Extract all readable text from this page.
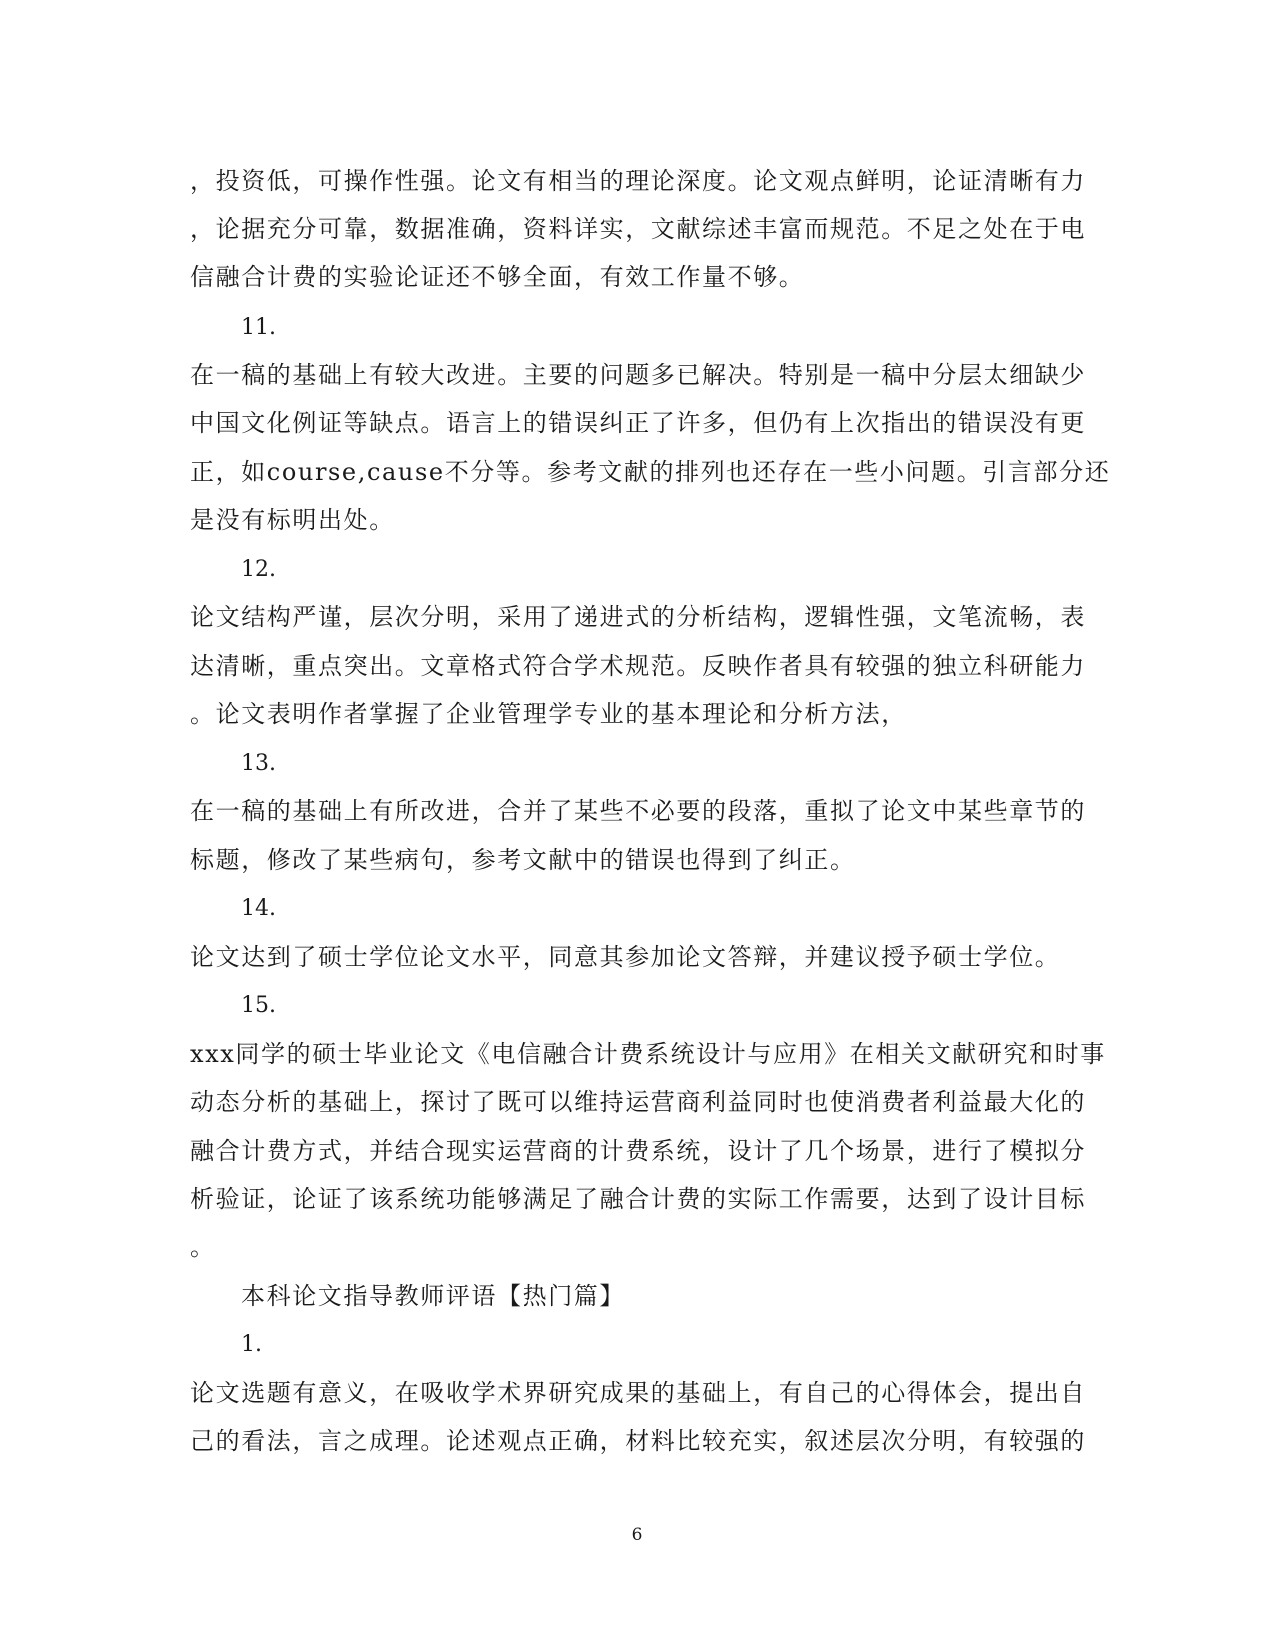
，投资低，可操作性强。论文有相当的理论深度。论文观点鲜明，论证清晰有力
，论据充分可靠，数据准确，资料详实，文献综述丰富而规范。不足之处在于电
信融合计费的实验论证还不够全面，有效工作量不够。
11.
在一稿的基础上有较大改进。主要的问题多已解决。特别是一稿中分层太细缺少
中国文化例证等缺点。语言上的错误纠正了许多，但仍有上次指出的错误没有更
正，如course,cause不分等。参考文献的排列也还存在一些小问题。引言部分还
是没有标明出处。
12.
论文结构严谨，层次分明，采用了递进式的分析结构，逻辑性强，文笔流畅，表
达清晰，重点突出。文章格式符合学术规范。反映作者具有较强的独立科研能力
。论文表明作者掌握了企业管理学专业的基本理论和分析方法，
13.
在一稿的基础上有所改进，合并了某些不必要的段落，重拟了论文中某些章节的
标题，修改了某些病句，参考文献中的错误也得到了纠正。
14.
论文达到了硕士学位论文水平，同意其参加论文答辩，并建议授予硕士学位。
15.
xxx同学的硕士毕业论文《电信融合计费系统设计与应用》在相关文献研究和时事
动态分析的基础上，探讨了既可以维持运营商利益同时也使消费者利益最大化的
融合计费方式，并结合现实运营商的计费系统，设计了几个场景，进行了模拟分
析验证，论证了该系统功能够满足了融合计费的实际工作需要，达到了设计目标
。
本科论文指导教师评语【热门篇】
1.
论文选题有意义，在吸收学术界研究成果的基础上，有自己的心得体会，提出自
己的看法，言之成理。论述观点正确，材料比较充实，叙述层次分明，有较强的
6
